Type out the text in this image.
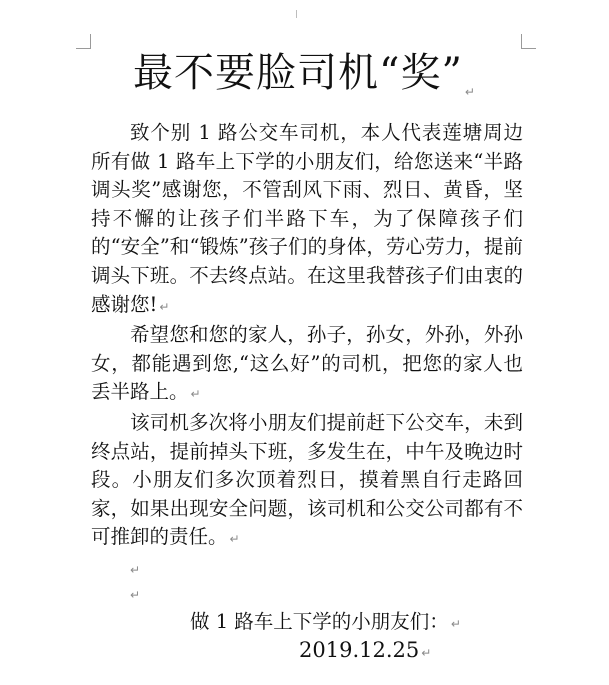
最不要脸司机“奖” $_↵$

致个别 1 路公交车司机，本人代表莲塘周边所有做 1 路车上下学的小朋友们，给您送来“半路调头奖”感谢您，不管刮风下雨、烈日、黄昏，坚持不懈的让孩子们半路下车，为了保障孩子们的“安全”和“锻炼”孩子们的身体，劳心劳力，提前调头下班。不去终点站。在这里我替孩子们由衷的感谢您! ↵

希望您和您的家人，孙子，孙女，外孙，外孙女，都能遇到您,“这么好”的司机，把您的家人也丢半路上。 ↵

该司机多次将小朋友们提前赶下公交车，未到终点站，提前掉头下班，多发生在，中午及晚边时段。小朋友们多次顶着烈日，摸着黑自行走路回家，如果出现安全问题，该司机和公交公司都有不可推卸的责任。 ↵

↵
↵
做 1 路车上下学的小朋友们： ↵
2019.12.25 ↵
